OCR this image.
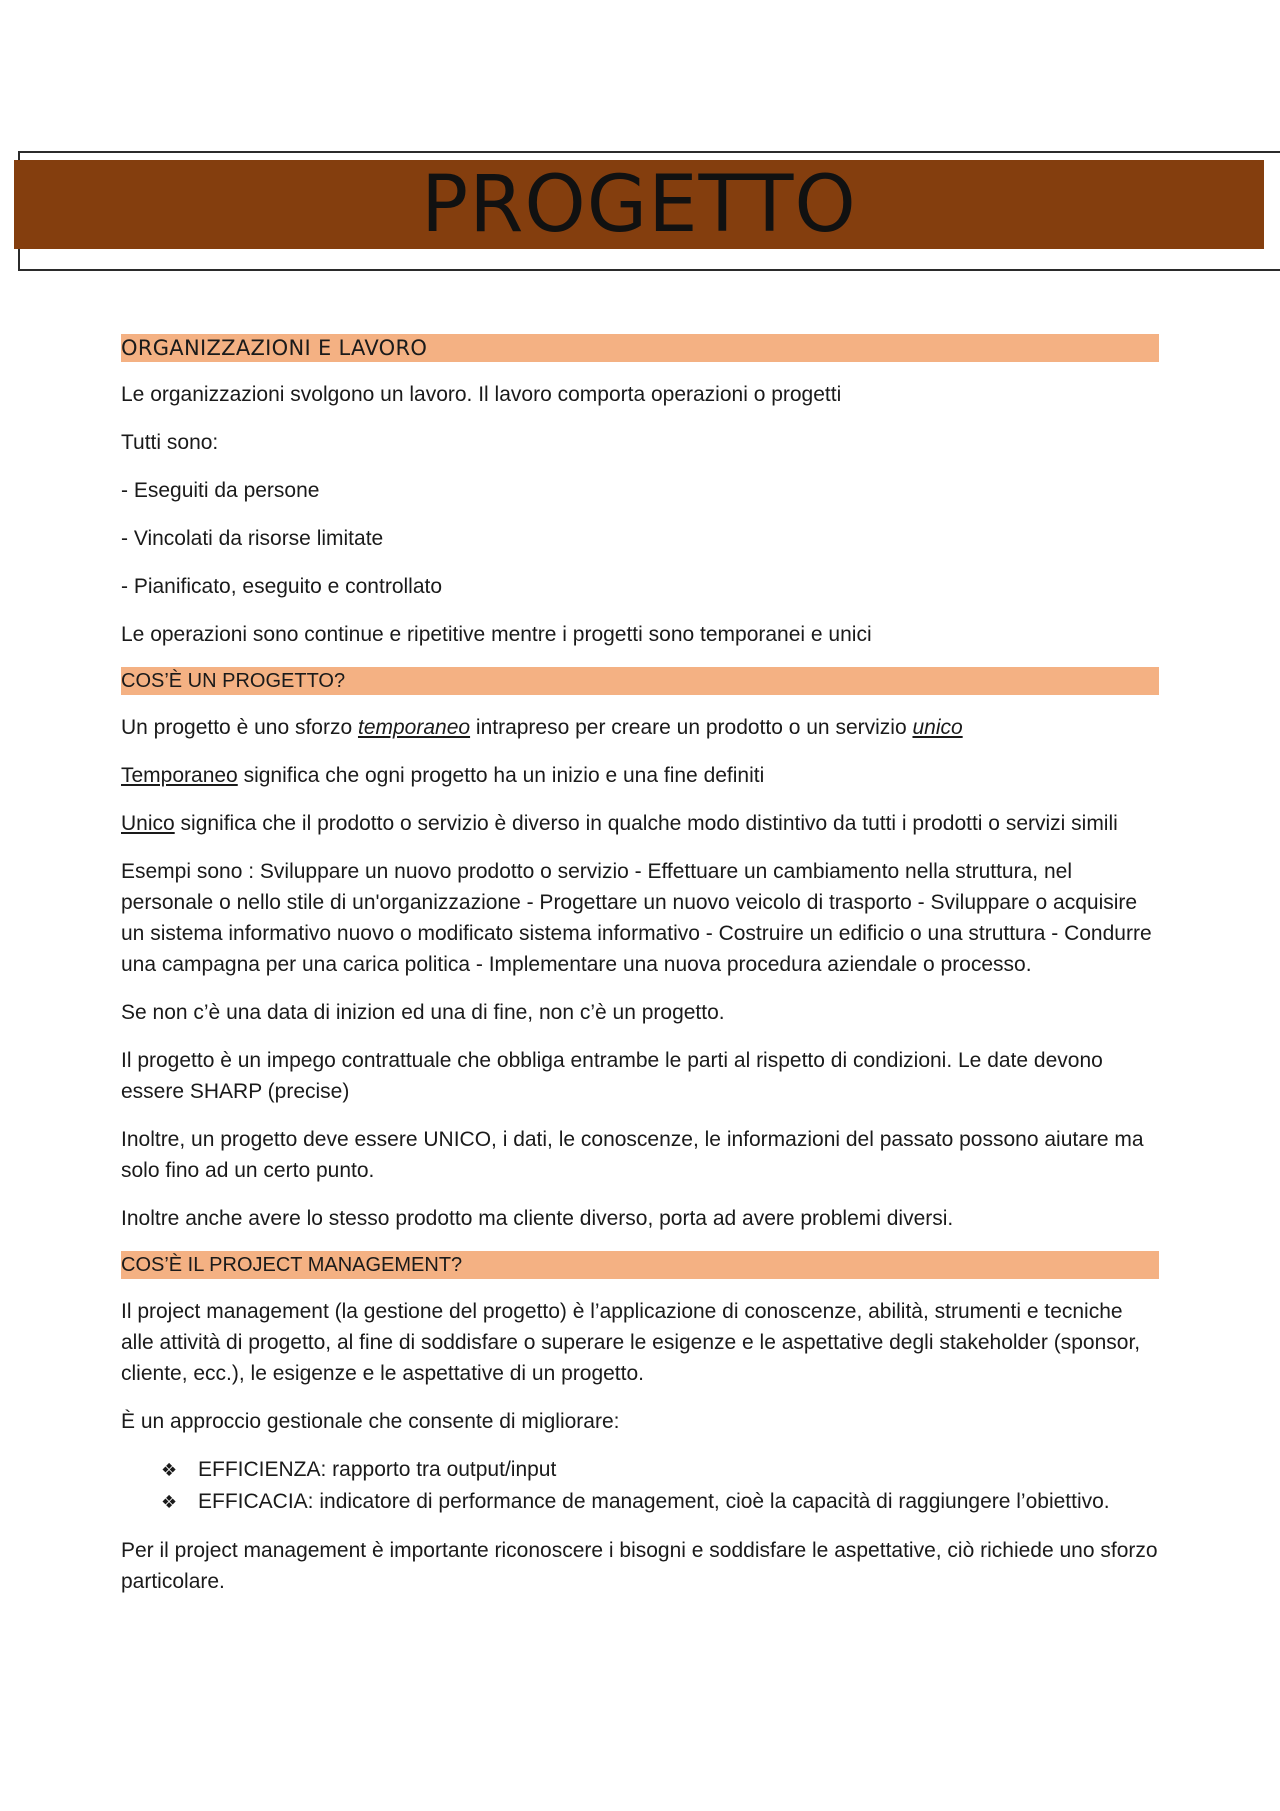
PROGETTO
ORGANIZZAZIONI E LAVORO

Le organizzazioni svolgono un lavoro. Il lavoro comporta operazioni o progetti

Tutti sono:

- Eseguiti da persone

- Vincolati da risorse limitate

- Pianificato, eseguito e controllato

Le operazioni sono continue e ripetitive mentre i progetti sono temporanei e unici

COS’È UN PROGETTO?

Un progetto è uno sforzo temporaneo intrapreso per creare un prodotto o un servizio unico

Temporaneo significa che ogni progetto ha un inizio e una fine definiti

Unico significa che il prodotto o servizio è diverso in qualche modo distintivo da tutti i prodotti o servizi simili

Esempi sono : Sviluppare un nuovo prodotto o servizio - Effettuare un cambiamento nella struttura, nel personale o nello stile di un'organizzazione - Progettare un nuovo veicolo di trasporto - Sviluppare o acquisire un sistema informativo nuovo o modificato sistema informativo - Costruire un edificio o una struttura - Condurre una campagna per una carica politica - Implementare una nuova procedura aziendale o processo.

Se non c’è una data di inizion ed una di fine, non c’è un progetto.

Il progetto è un impego contrattuale che obbliga entrambe le parti al rispetto di condizioni. Le date devono essere SHARP (precise)

Inoltre, un progetto deve essere UNICO, i dati, le conoscenze, le informazioni del passato possono aiutare ma solo fino ad un certo punto.

Inoltre anche avere lo stesso prodotto ma cliente diverso, porta ad avere problemi diversi.

COS’È IL PROJECT MANAGEMENT?

Il project management (la gestione del progetto) è l’applicazione di conoscenze, abilità, strumenti e tecniche alle attività di progetto, al fine di soddisfare o superare le esigenze e le aspettative degli stakeholder (sponsor, cliente, ecc.), le esigenze e le aspettative di un progetto.

È un approccio gestionale che consente di migliorare:

❖ EFFICIENZA: rapporto tra output/input
❖ EFFICACIA: indicatore di performance de management, cioè la capacità di raggiungere l’obiettivo.

Per il project management è importante riconoscere i bisogni e soddisfare le aspettative, ciò richiede uno sforzo particolare.
